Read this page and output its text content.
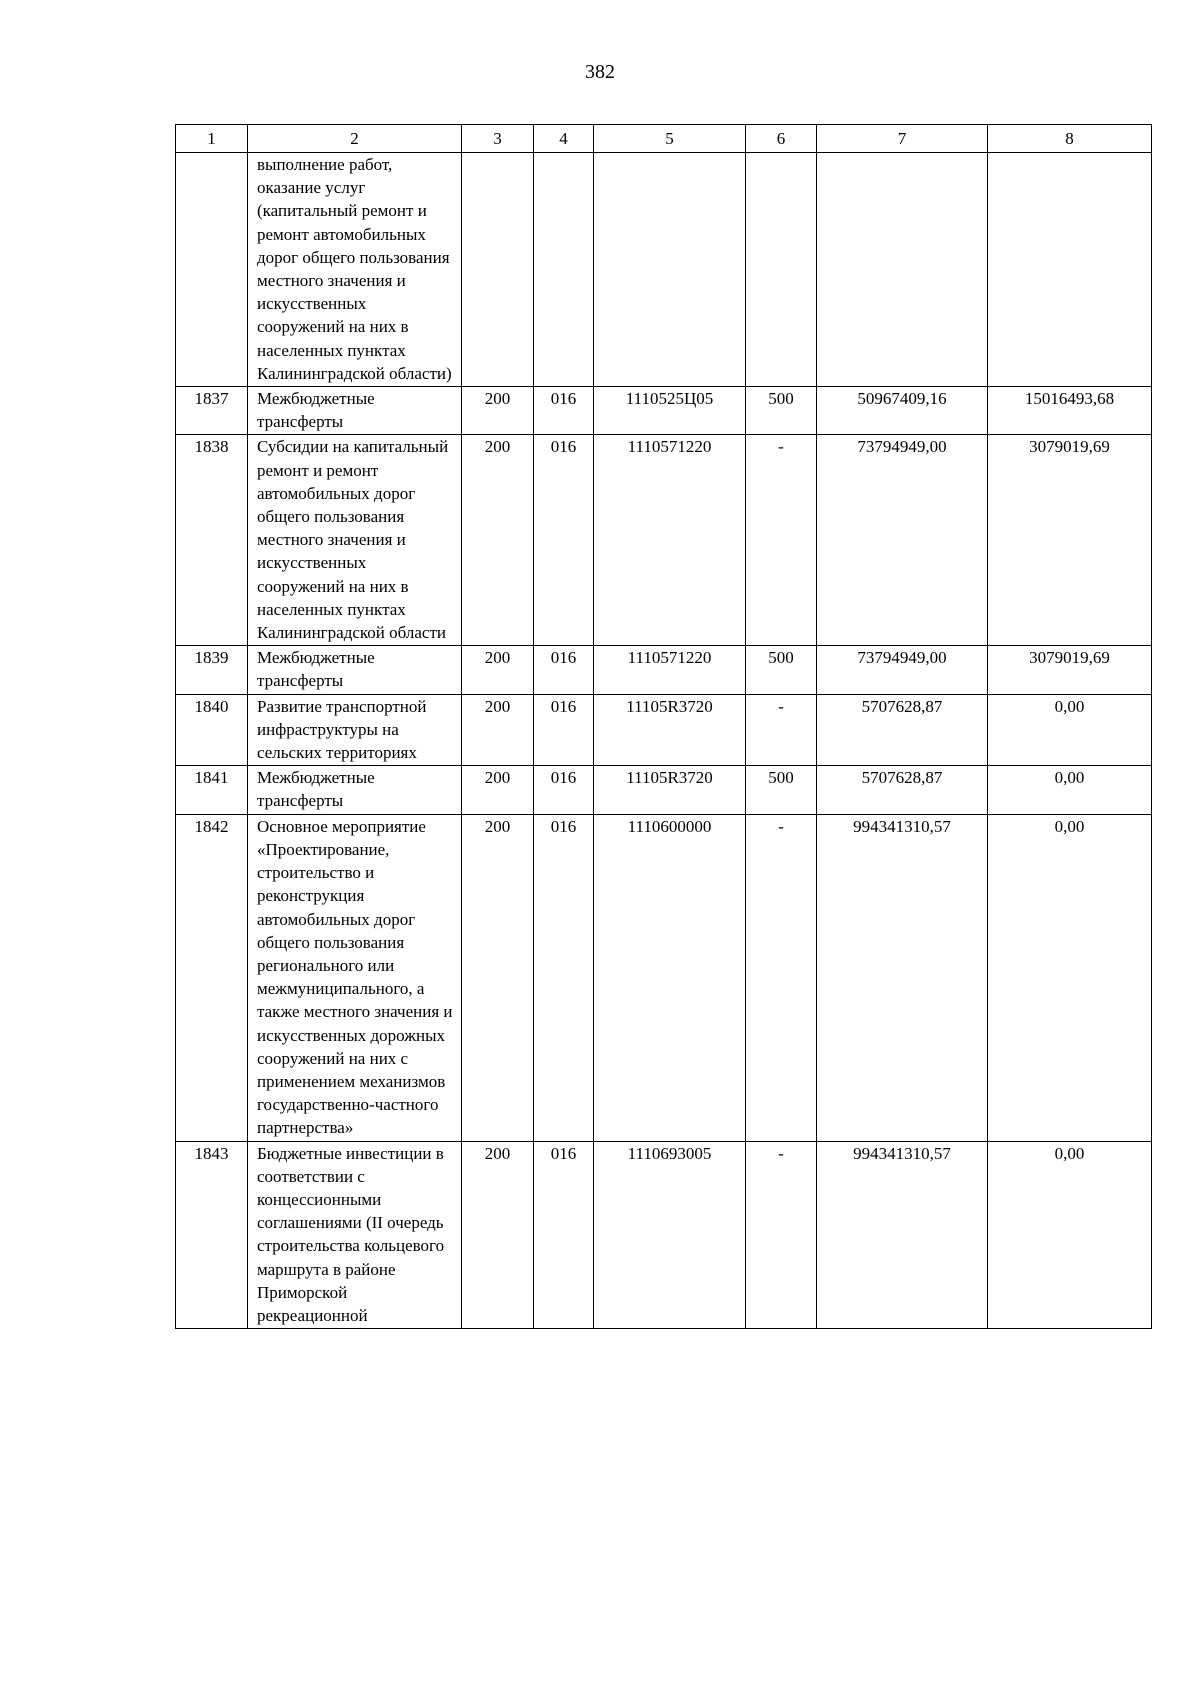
382
1	2	3	4	5	6	7	8
	выполнение работ, оказание услуг (капитальный ремонт и ремонт автомобильных дорог общего пользования местного значения и искусственных сооружений на них в населенных пунктах Калининградской области)						
1837	Межбюджетные трансферты	200	016	1110525Ц05	500	50967409,16	15016493,68
1838	Субсидии на капитальный ремонт и ремонт автомобильных дорог общего пользования местного значения и искусственных сооружений на них в населенных пунктах Калининградской области	200	016	1110571220	-	73794949,00	3079019,69
1839	Межбюджетные трансферты	200	016	1110571220	500	73794949,00	3079019,69
1840	Развитие транспортной инфраструктуры на сельских территориях	200	016	11105R3720	-	5707628,87	0,00
1841	Межбюджетные трансферты	200	016	11105R3720	500	5707628,87	0,00
1842	Основное мероприятие «Проектирование, строительство и реконструкция автомобильных дорог общего пользования регионального или межмуниципального, а также местного значения и искусственных дорожных сооружений на них с применением механизмов государственно-частного партнерства»	200	016	1110600000	-	994341310,57	0,00
1843	Бюджетные инвестиции в соответствии с концессионными соглашениями (II очередь строительства кольцевого маршрута в районе Приморской рекреационной	200	016	1110693005	-	994341310,57	0,00
